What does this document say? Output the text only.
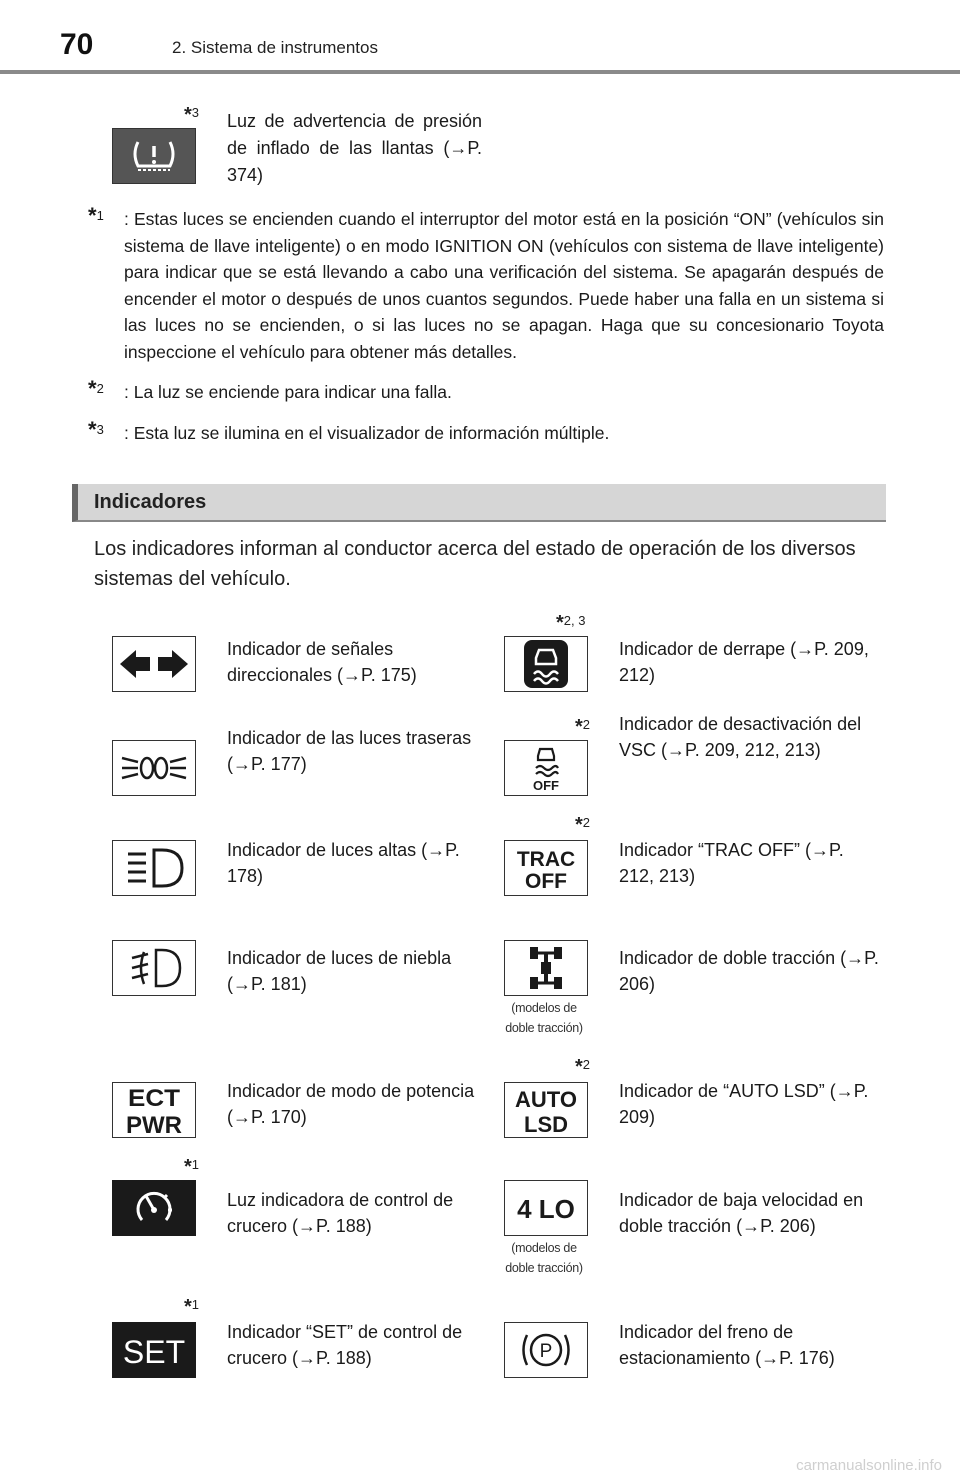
70	2. Sistema de instrumentos
*3 Luz de advertencia de presión de inflado de las llantas (→P. 374)
*1 : Estas luces se encienden cuando el interruptor del motor está en la posición “ON” (vehículos sin sistema de llave inteligente) o en modo IGNITION ON (vehículos con sistema de llave inteligente) para indicar que se está llevando a cabo una verificación del sistema. Se apagarán después de encender el motor o después de unos cuantos segundos. Puede haber una falla en un sistema si las luces no se encienden, o si las luces no se apagan. Haga que su concesionario Toyota inspeccione el vehículo para obtener más detalles.
*2 : La luz se enciende para indicar una falla.
*3 : Esta luz se ilumina en el visualizador de información múltiple.
Indicadores
Los indicadores informan al conductor acerca del estado de operación de los diversos sistemas del vehículo.
Indicador de señales direccionales (→P. 175)
*2, 3
Indicador de derrape (→P. 209, 212)
Indicador de las luces traseras (→P. 177)
*2
OFF
Indicador de desactivación del VSC (→P. 209, 212, 213)
Indicador de luces altas (→P. 178)
*2
TRAC
OFF
Indicador “TRAC OFF” (→P. 212, 213)
Indicador de luces de niebla (→P. 181)
(modelos de
doble tracción)
Indicador de doble tracción (→P. 206)
ECT
PWR
Indicador de modo de potencia (→P. 170)
*2
AUTO
LSD
Indicador de “AUTO LSD” (→P. 209)
*1
Luz indicadora de control de crucero (→P. 188)
4 LO
(modelos de
doble tracción)
Indicador de baja velocidad en doble tracción (→P. 206)
*1
SET
Indicador “SET” de control de crucero (→P. 188)	P
Indicador del freno de estacionamiento (→P. 176)
carmanualsonline.info
